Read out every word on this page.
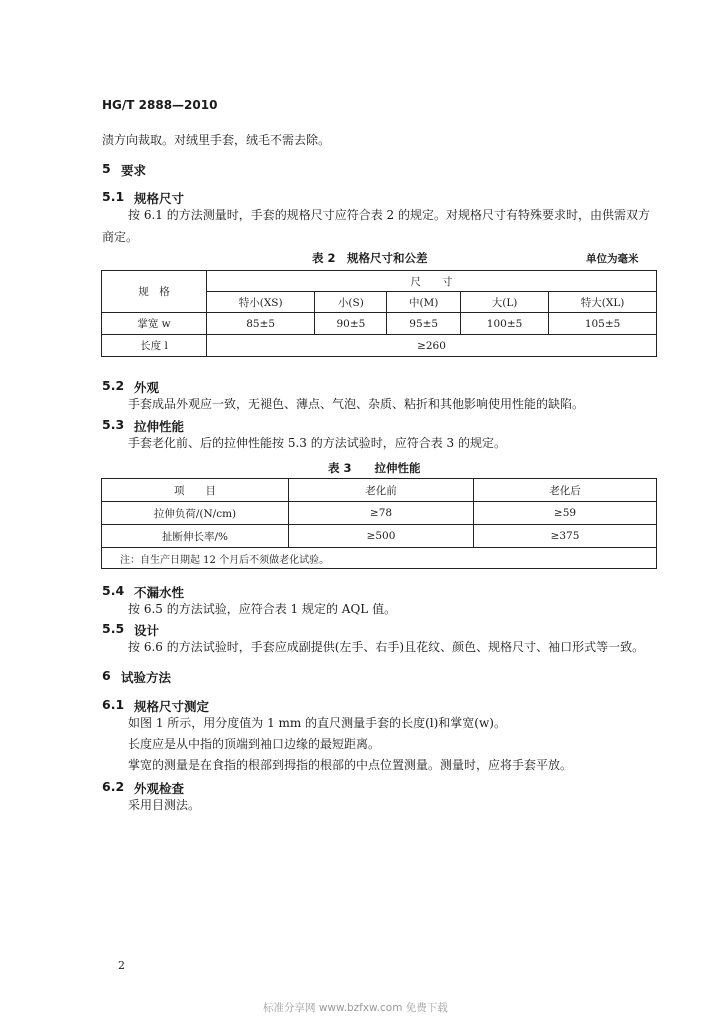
HG/T 2888—2010
渍方向裁取。对绒里手套，绒毛不需去除。
5 要求
5.1 规格尺寸
按 6.1 的方法测量时，手套的规格尺寸应符合表 2 的规定。对规格尺寸有特殊要求时，由供需双方
商定。
表 2　规格尺寸和公差	单位为毫米
规　格	尺　　寸				
	特小(XS)	小(S)	中(M)	大(L)	特大(XL)
掌宽 w	85±5	90±5	95±5	100±5	105±5
长度 l	≥260				
5.2 外观
手套成品外观应一致，无褪色、薄点、气泡、杂质、粘折和其他影响使用性能的缺陷。
5.3 拉伸性能
手套老化前、后的拉伸性能按 5.3 的方法试验时，应符合表 3 的规定。
表 3　　拉伸性能
项　　目	老化前	老化后
拉伸负荷/(N/cm)	≥78	≥59
扯断伸长率/%	≥500	≥375
注：自生产日期起 12 个月后不须做老化试验。		
5.4 不漏水性
按 6.5 的方法试验，应符合表 1 规定的 AQL 值。
5.5 设计
按 6.6 的方法试验时，手套应成副提供(左手、右手)且花纹、颜色、规格尺寸、袖口形式等一致。
6 试验方法
6.1 规格尺寸测定
如图 1 所示，用分度值为 1 mm 的直尺测量手套的长度(l)和掌宽(w)。
长度应是从中指的顶端到袖口边缘的最短距离。
掌宽的测量是在食指的根部到拇指的根部的中点位置测量。测量时，应将手套平放。
6.2 外观检查
采用目测法。
2
标准分享网 www.bzfxw.com 免费下载
